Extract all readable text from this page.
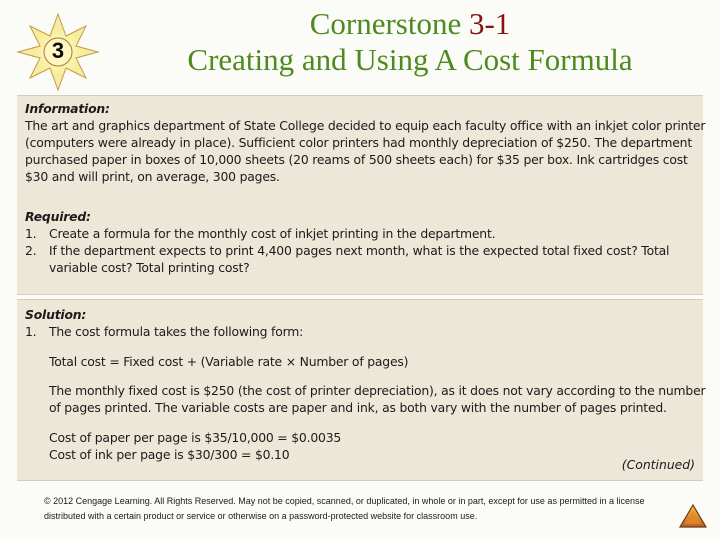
3
Cornerstone 3-1
Creating and Using A Cost Formula
Information:
The art and graphics department of State College decided to equip each faculty office with an inkjet color printer
(computers were already in place). Sufficient color printers had monthly depreciation of $250. The department
purchased paper in boxes of 10,000 sheets (20 reams of 500 sheets each) for $35 per box. Ink cartridges cost
$30 and will print, on average, 300 pages.
Required:
1. Create a formula for the monthly cost of inkjet printing in the department.
2. If the department expects to print 4,400 pages next month, what is the expected total fixed cost? Total
variable cost? Total printing cost?
Solution:
1. The cost formula takes the following form:
Total cost = Fixed cost + (Variable rate × Number of pages)
The monthly fixed cost is $250 (the cost of printer depreciation), as it does not vary according to the number
of pages printed. The variable costs are paper and ink, as both vary with the number of pages printed.
Cost of paper per page is $35/10,000 = $0.0035
Cost of ink per page is $30/300 = $0.10
(Continued)
© 2012 Cengage Learning. All Rights Reserved. May not be copied, scanned, or duplicated, in whole or in part, except for use as permitted in a license distributed with a certain product or service or otherwise on a password-protected website for classroom use.
